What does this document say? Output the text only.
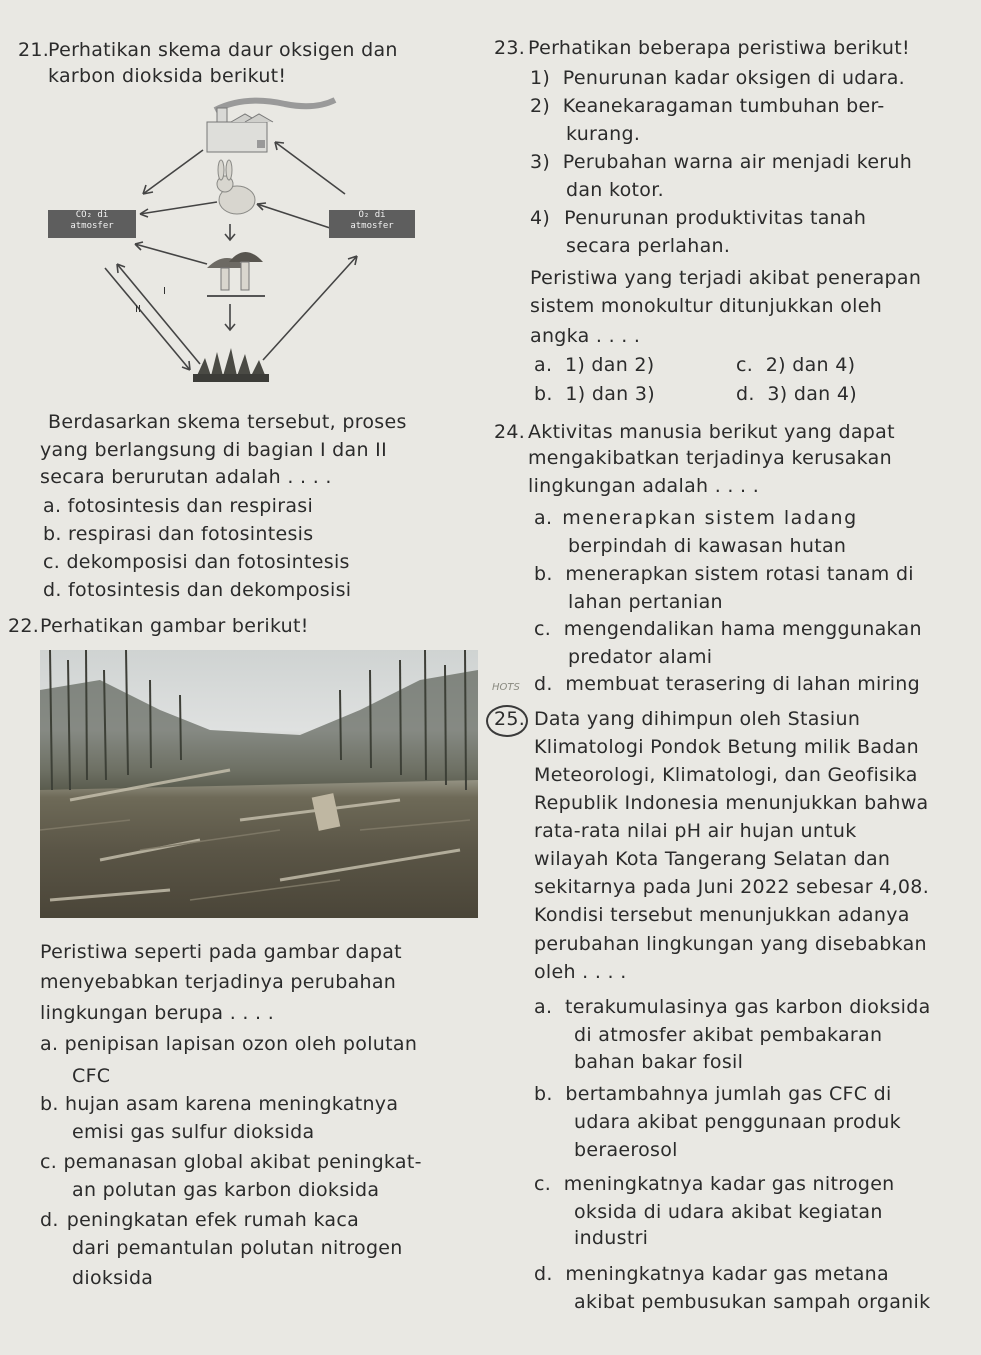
21.
Perhatikan skema daur oksigen dan
karbon dioksida berikut!
CO₂ di
atmosfer
O₂ di
atmosfer
I
II
Berdasarkan skema tersebut, proses
yang berlangsung di bagian I dan II
secara berurutan adalah . . . .
a. fotosintesis dan respirasi
b. respirasi dan fotosintesis
c. dekomposisi dan fotosintesis
d. fotosintesis dan dekomposisi
22. Perhatikan gambar berikut!
Peristiwa seperti pada gambar dapat
menyebabkan terjadinya perubahan
lingkungan berupa . . . .
a. penipisan lapisan ozon oleh polutan
CFC
b. hujan asam karena meningkatnya
emisi gas sulfur dioksida
c. pemanasan global akibat peningkat-
an polutan gas karbon dioksida
d. peningkatan efek rumah kaca
dari pemantulan polutan nitrogen
dioksida
23. Perhatikan beberapa peristiwa berikut!
1) Penurunan kadar oksigen di udara.
2) Keanekaragaman tumbuhan ber-
kurang.
3) Perubahan warna air menjadi keruh
dan kotor.
4) Penurunan produktivitas tanah
secara perlahan.
Peristiwa yang terjadi akibat penerapan
sistem monokultur ditunjukkan oleh
angka . . . .
a. 1) dan 2)
b. 1) dan 3)
c. 2) dan 4)
d. 3) dan 4)
24. Aktivitas manusia berikut yang dapat
mengakibatkan terjadinya kerusakan
lingkungan adalah . . . .
a. menerapkan sistem ladang
berpindah di kawasan hutan
b. menerapkan sistem rotasi tanam di
lahan pertanian
c. mengendalikan hama menggunakan
predator alami
d. membuat terasering di lahan miring
HOTS
25. Data yang dihimpun oleh Stasiun
Klimatologi Pondok Betung milik Badan
Meteorologi, Klimatologi, dan Geofisika
Republik Indonesia menunjukkan bahwa
rata-rata nilai pH air hujan untuk
wilayah Kota Tangerang Selatan dan
sekitarnya pada Juni 2022 sebesar 4,08.
Kondisi tersebut menunjukkan adanya
perubahan lingkungan yang disebabkan
oleh . . . .
a. terakumulasinya gas karbon dioksida
di atmosfer akibat pembakaran
bahan bakar fosil
b. bertambahnya jumlah gas CFC di
udara akibat penggunaan produk
beraerosol
c. meningkatnya kadar gas nitrogen
oksida di udara akibat kegiatan
industri
d. meningkatnya kadar gas metana
akibat pembusukan sampah organik
